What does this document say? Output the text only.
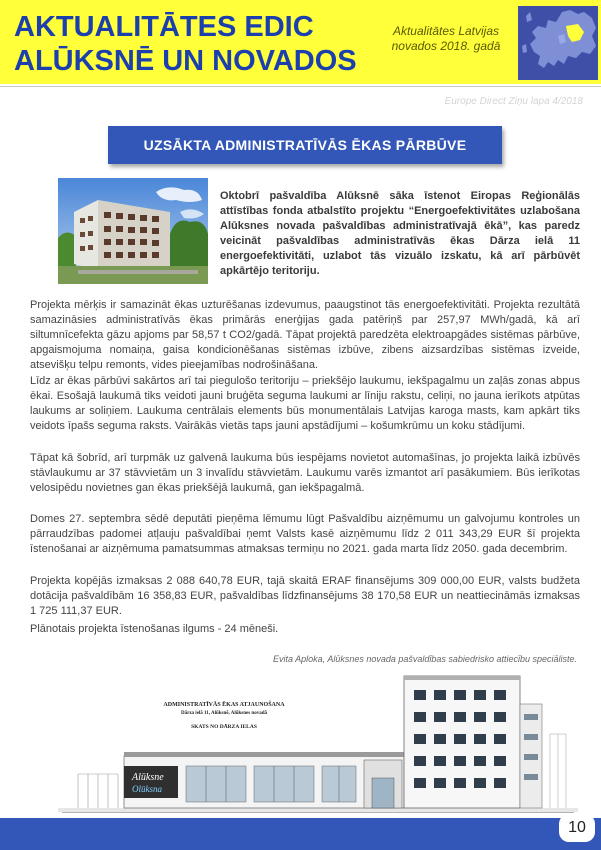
AKTUALITĀTES EDIC
ALŪKSNĒ UN NOVADOS
Aktualitātes Latvijas
novados 2018. gadā
Europe Direct Ziņu lapa 4/2018
UZSĀKTA ADMINISTRATĪVĀS ĒKAS PĀRBŪVE

Oktobrī pašvaldība Alūksnē sāka īstenot Eiropas Reģionālās attīstības fonda atbalstīto projektu “Energoefektivitātes uzlabošana Alūksnes novada pašvaldības administratīvajā ēkā”, kas paredz veicināt pašvaldības administratīvās ēkas Dārza ielā 11 energoefektivitāti, uzlabot tās vizuālo izskatu, kā arī pārbūvēt apkārtējo teritoriju.

Projekta mērķis ir samazināt ēkas uzturēšanas izdevumus, paaugstinot tās energoefektivitāti. Projekta rezultātā samazināsies administratīvās ēkas primārās enerģijas gada patēriņš par 257,97 MWh/gadā, kā arī siltumnīcefekta gāzu apjoms par 58,57 t CO2/gadā. Tāpat projektā paredzēta elektroapgādes sistēmas pārbūve, apgaismojuma nomaiņa, gaisa kondicionēšanas sistēmas izbūve, zibens aizsardzības sistēmas izveide, atsevišķu telpu remonts, vides pieejamības nodrošināšana.

Līdz ar ēkas pārbūvi sakārtos arī tai piegulošo teritoriju – priekšējo laukumu, iekšpagalmu un zaļās zonas abpus ēkai. Esošajā laukumā tiks veidoti jauni bruģēta seguma laukumi ar līniju rakstu, celiņi, no jauna ierīkots atpūtas laukums ar soliņiem. Laukuma centrālais elements būs monumentālais Latvijas karoga masts, kam apkārt tiks veidots īpašs seguma raksts. Vairākās vietās taps jauni apstādījumi – košumkrūmu un koku stādījumi.

Tāpat kā šobrīd, arī turpmāk uz galvenā laukuma būs iespējams novietot automašīnas, jo projekta laikā izbūvēs stāvlaukumu ar 37 stāvvietām un 3 invalīdu stāvvietām. Laukumu varēs izmantot arī pasākumiem. Būs ierīkotas velosipēdu novietnes gan ēkas priekšējā laukumā, gan iekšpagalmā.

Domes 27. septembra sēdē deputāti pieņēma lēmumu lūgt Pašvaldību aizņēmumu un galvojumu kontroles un pārraudzības padomei atļauju pašvaldībai ņemt Valsts kasē aizņēmumu līdz 2 011 343,29 EUR šī projekta īstenošanai ar aizņēmuma pamatsummas atmaksas termiņu no 2021. gada marta līdz 2050. gada decembrim.

Projekta kopējās izmaksas 2 088 640,78 EUR, tajā skaitā ERAF finansējums 309 000,00 EUR, valsts budžeta dotācija pašvaldībām 16 358,83 EUR, pašvaldības līdzfinansējums 38 170,58 EUR un neattiecināmās izmaksas 1 725 111,37 EUR.

Plānotais projekta īstenošanas ilgums - 24 mēneši.

Evita Aploka, Alūksnes novada pašvaldības sabiedrisko attiecību speciāliste.

ADMINISTRATĪVĀS ĒKAS ATJAUNOŠANA
Dārza ielā 11, Alūksnē, Alūksnes novadā
SKATS NO DĀRZA IELAS
Alūksne
Olūksna
10
